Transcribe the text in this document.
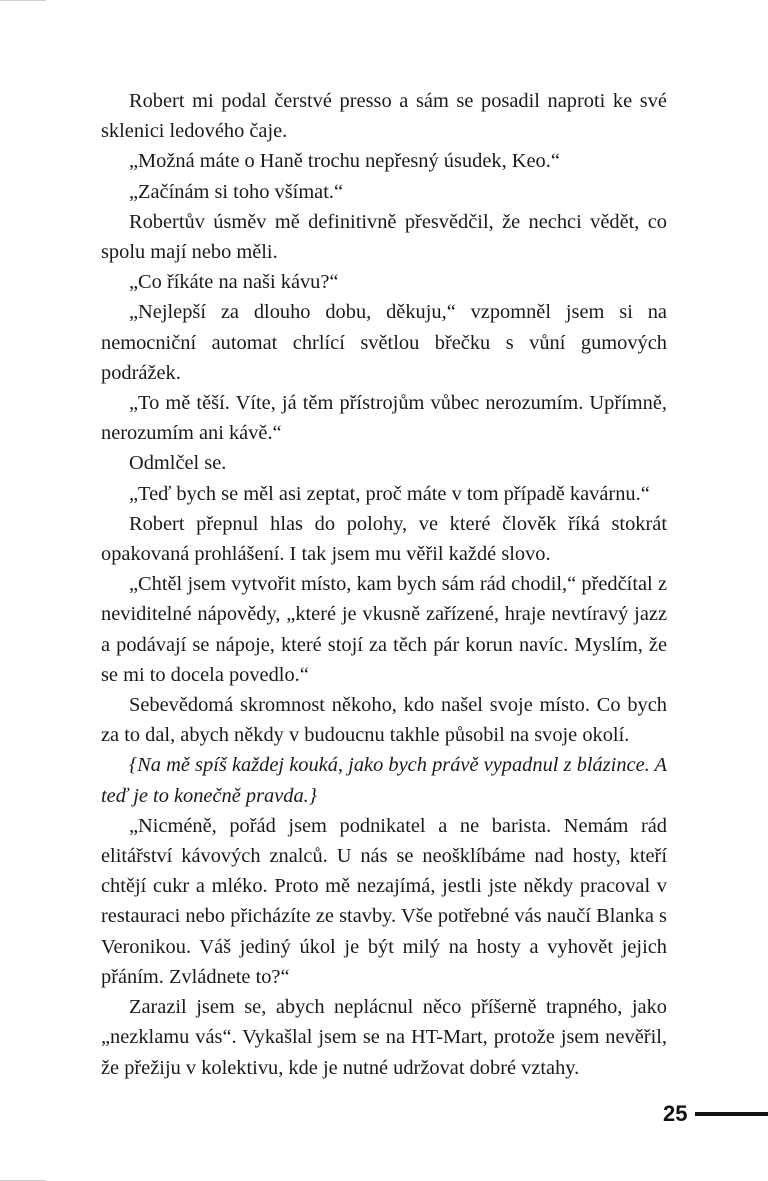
Robert mi podal čerstvé presso a sám se posadil naproti ke své sklenici ledového čaje.

„Možná máte o Haně trochu nepřesný úsudek, Keo.“

„Začínám si toho všímat.“

Robertův úsměv mě definitivně přesvědčil, že nechci vědět, co spolu mají nebo měli.

„Co říkáte na naši kávu?“

„Nejlepší za dlouho dobu, děkuju,“ vzpomněl jsem si na nemocniční automat chrlící světlou břečku s vůní gumových podrážek.

„To mě těší. Víte, já těm přístrojům vůbec nerozumím. Upřímně, nerozumím ani kávě.“

Odmlčel se.

„Teď bych se měl asi zeptat, proč máte v tom případě kavárnu.“

Robert přepnul hlas do polohy, ve které člověk říká stokrát opakovaná prohlášení. I tak jsem mu věřil každé slovo.

„Chtěl jsem vytvořit místo, kam bych sám rád chodil,“ předčítal z neviditelné nápovědy, „které je vkusně zařízené, hraje nevtíravý jazz a podávají se nápoje, které stojí za těch pár korun navíc. Myslím, že se mi to docela povedlo.“

Sebevědomá skromnost někoho, kdo našel svoje místo. Co bych za to dal, abych někdy v budoucnu takhle působil na svoje okolí.

{Na mě spíš každej kouká, jako bych právě vypadnul z blázince. A teď je to konečně pravda.}

„Nicméně, pořád jsem podnikatel a ne barista. Nemám rád elitářství kávových znalců. U nás se neošklíbáme nad hosty, kteří chtějí cukr a mléko. Proto mě nezajímá, jestli jste někdy pracoval v restauraci nebo přicházíte ze stavby. Vše potřebné vás naučí Blanka s Veronikou. Váš jediný úkol je být milý na hosty a vyhovět jejich přáním. Zvládnete to?“

Zarazil jsem se, abych neplácnul něco příšerně trapného, jako „nezklamu vás“. Vykašlal jsem se na HT-Mart, protože jsem nevěřil, že přežiju v kolektivu, kde je nutné udržovat dobré vztahy.

25
